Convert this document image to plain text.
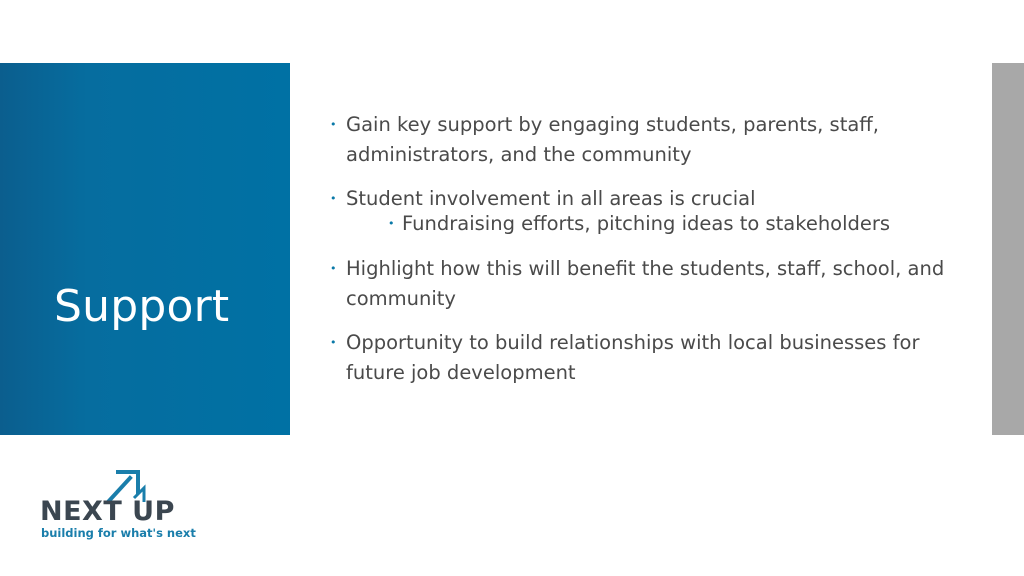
Support
• Gain key support by engaging students, parents, staff, administrators, and the community
• Student involvement in all areas is crucial
• Fundraising efforts, pitching ideas to stakeholders
• Highlight how this will benefit the students, staff, school, and community
• Opportunity to build relationships with local businesses for future job development
NEXT UP
building for what's next
